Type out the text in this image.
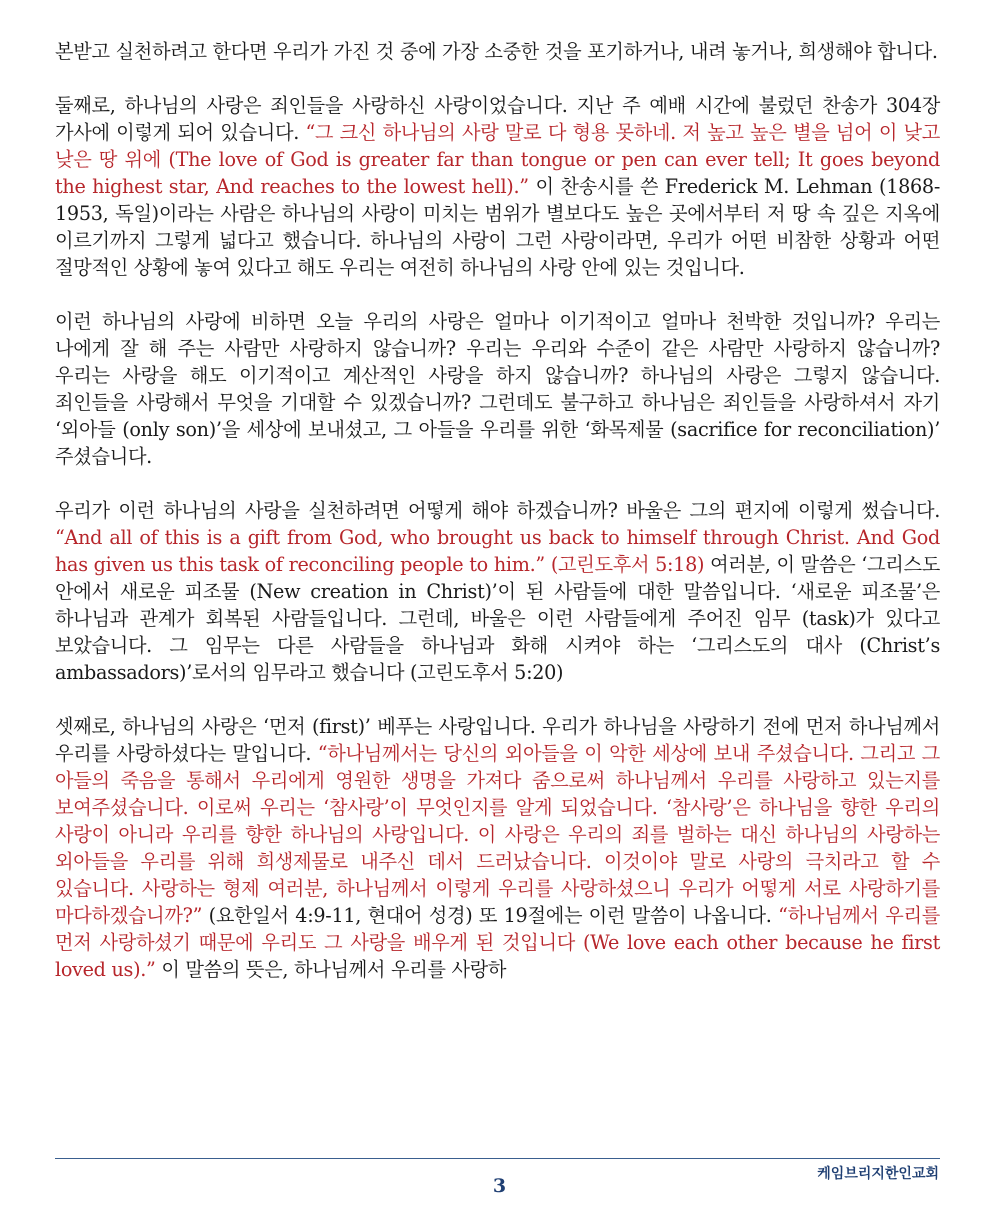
본받고 실천하려고 한다면 우리가 가진 것 중에 가장 소중한 것을 포기하거나, 내려 놓거나, 희생해야 합니다.

둘째로, 하나님의 사랑은 죄인들을 사랑하신 사랑이었습니다. 지난 주 예배 시간에 불렀던 찬송가 304장 가사에 이렇게 되어 있습니다. “그 크신 하나님의 사랑 말로 다 형용 못하네. 저 높고 높은 별을 넘어 이 낮고 낮은 땅 위에 (The love of God is greater far than tongue or pen can ever tell; It goes beyond the highest star, And reaches to the lowest hell).” 이 찬송시를 쓴 Frederick M. Lehman (1868-1953, 독일)이라는 사람은 하나님의 사랑이 미치는 범위가 별보다도 높은 곳에서부터 저 땅 속 깊은 지옥에 이르기까지 그렇게 넓다고 했습니다. 하나님의 사랑이 그런 사랑이라면, 우리가 어떤 비참한 상황과 어떤 절망적인 상황에 놓여 있다고 해도 우리는 여전히 하나님의 사랑 안에 있는 것입니다.

이런 하나님의 사랑에 비하면 오늘 우리의 사랑은 얼마나 이기적이고 얼마나 천박한 것입니까? 우리는 나에게 잘 해 주는 사람만 사랑하지 않습니까? 우리는 우리와 수준이 같은 사람만 사랑하지 않습니까? 우리는 사랑을 해도 이기적이고 계산적인 사랑을 하지 않습니까? 하나님의 사랑은 그렇지 않습니다. 죄인들을 사랑해서 무엇을 기대할 수 있겠습니까? 그런데도 불구하고 하나님은 죄인들을 사랑하셔서 자기 ‘외아들 (only son)’을 세상에 보내셨고, 그 아들을 우리를 위한 ‘화목제물 (sacrifice for reconciliation)’ 주셨습니다.

우리가 이런 하나님의 사랑을 실천하려면 어떻게 해야 하겠습니까? 바울은 그의 편지에 이렇게 썼습니다. “And all of this is a gift from God, who brought us back to himself through Christ. And God has given us this task of reconciling people to him.” (고린도후서 5:18) 여러분, 이 말씀은 ‘그리스도 안에서 새로운 피조물 (New creation in Christ)’이 된 사람들에 대한 말씀입니다. ‘새로운 피조물’은 하나님과 관계가 회복된 사람들입니다. 그런데, 바울은 이런 사람들에게 주어진 임무 (task)가 있다고 보았습니다. 그 임무는 다른 사람들을 하나님과 화해 시켜야 하는 ‘그리스도의 대사 (Christ’s ambassadors)’로서의 임무라고 했습니다 (고린도후서 5:20)

셋째로, 하나님의 사랑은 ‘먼저 (first)’ 베푸는 사랑입니다. 우리가 하나님을 사랑하기 전에 먼저 하나님께서 우리를 사랑하셨다는 말입니다. “하나님께서는 당신의 외아들을 이 악한 세상에 보내 주셨습니다. 그리고 그 아들의 죽음을 통해서 우리에게 영원한 생명을 가져다 줌으로써 하나님께서 우리를 사랑하고 있는지를 보여주셨습니다. 이로써 우리는 ‘참사랑’이 무엇인지를 알게 되었습니다. ‘참사랑’은 하나님을 향한 우리의 사랑이 아니라 우리를 향한 하나님의 사랑입니다. 이 사랑은 우리의 죄를 벌하는 대신 하나님의 사랑하는 외아들을 우리를 위해 희생제물로 내주신 데서 드러났습니다. 이것이야 말로 사랑의 극치라고 할 수 있습니다. 사랑하는 형제 여러분, 하나님께서 이렇게 우리를 사랑하셨으니 우리가 어떻게 서로 사랑하기를 마다하겠습니까?” (요한일서 4:9-11, 현대어 성경) 또 19절에는 이런 말씀이 나옵니다. “하나님께서 우리를 먼저 사랑하셨기 때문에 우리도 그 사랑을 배우게 된 것입니다 (We love each other because he first loved us).” 이 말씀의 뜻은, 하나님께서 우리를 사랑하

케임브리지한인교회
3
